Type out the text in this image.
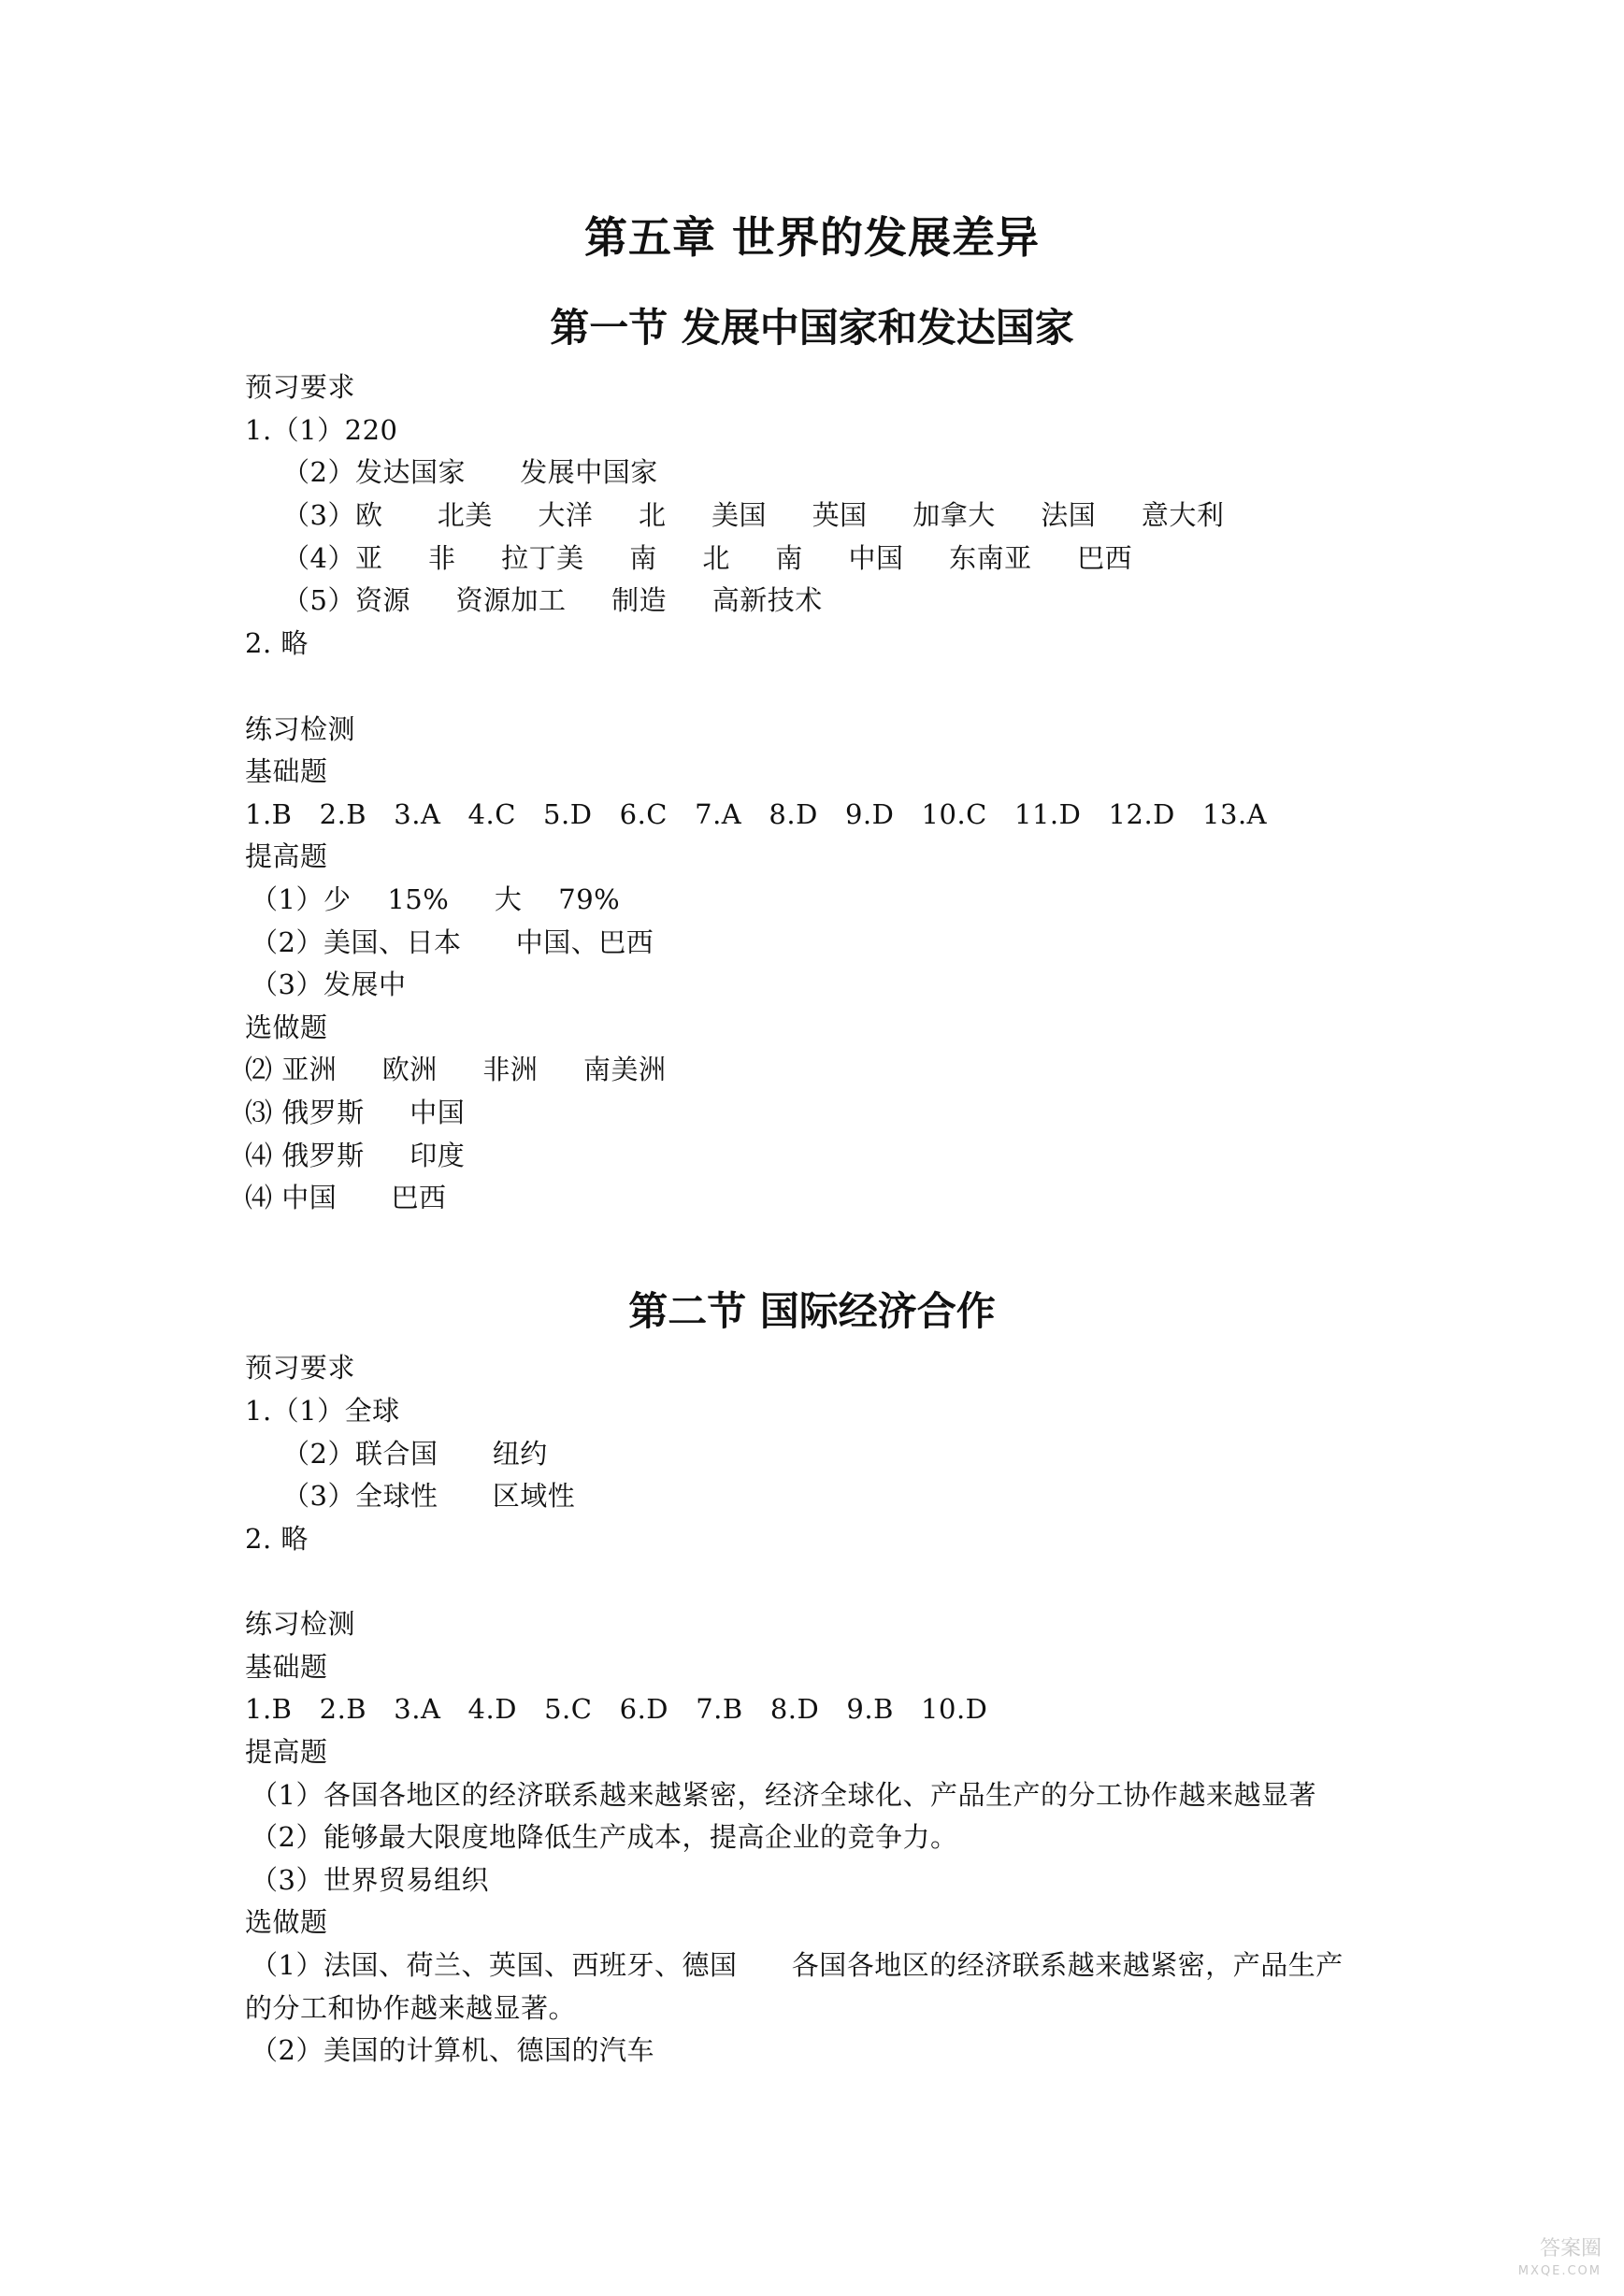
第五章 世界的发展差异
第一节 发展中国家和发达国家
预习要求
1.（1）220
（2）发达国家      发展中国家
（3）欧      北美     大洋     北     美国     英国     加拿大     法国     意大利
（4）亚     非     拉丁美     南     北     南     中国     东南亚     巴西
（5）资源     资源加工     制造     高新技术
2. 略
练习检测
基础题
1.B   2.B   3.A   4.C   5.D   6.C   7.A   8.D   9.D   10.C   11.D   12.D   13.A
提高题
（1）少    15%     大    79%
（2）美国、日本      中国、巴西
（3）发展中
选做题
⑵ 亚洲     欧洲     非洲     南美洲
⑶ 俄罗斯     中国
⑷ 俄罗斯     印度
⑷ 中国      巴西
第二节 国际经济合作
预习要求
1.（1）全球
（2）联合国      纽约
（3）全球性      区域性
2. 略
练习检测
基础题
1.B   2.B   3.A   4.D   5.C   6.D   7.B   8.D   9.B   10.D
提高题
（1）各国各地区的经济联系越来越紧密，经济全球化、产品生产的分工协作越来越显著
（2）能够最大限度地降低生产成本，提高企业的竞争力。
（3）世界贸易组织
选做题
（1）法国、荷兰、英国、西班牙、德国      各国各地区的经济联系越来越紧密，产品生产
的分工和协作越来越显著。
（2）美国的计算机、德国的汽车
答案圈
MXQE.COM
